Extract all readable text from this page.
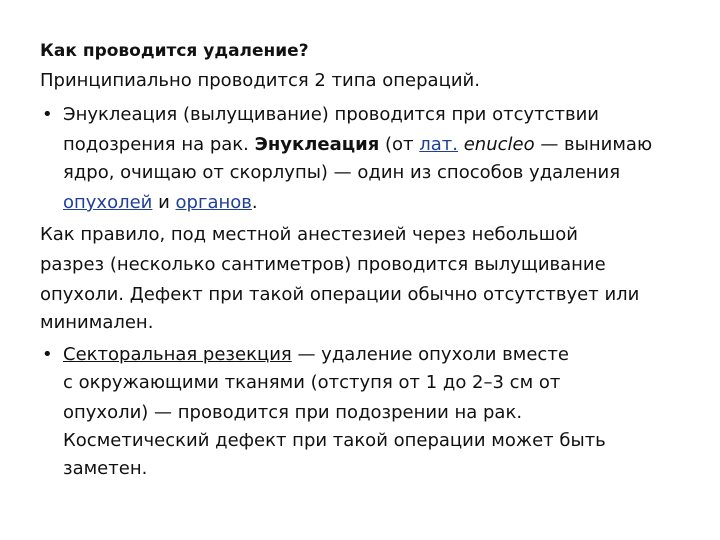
Как проводится удаление?
Принципиально проводится 2 типа операций.
• Энуклеация (вылущивание) проводится при отсутствии
подозрения на рак. Энуклеация (от лат. enucleo — вынимаю
ядро, очищаю от скорлупы) — один из способов удаления
опухолей и органов.
Как правило, под местной анестезией через небольшой
разрез (несколько сантиметров) проводится вылущивание
опухоли. Дефект при такой операции обычно отсутствует или
минимален.
• Секторальная резекция — удаление опухоли вместе
с окружающими тканями (отступя от 1 до 2–3 см от
опухоли) — проводится при подозрении на рак.
Косметический дефект при такой операции может быть
заметен.
